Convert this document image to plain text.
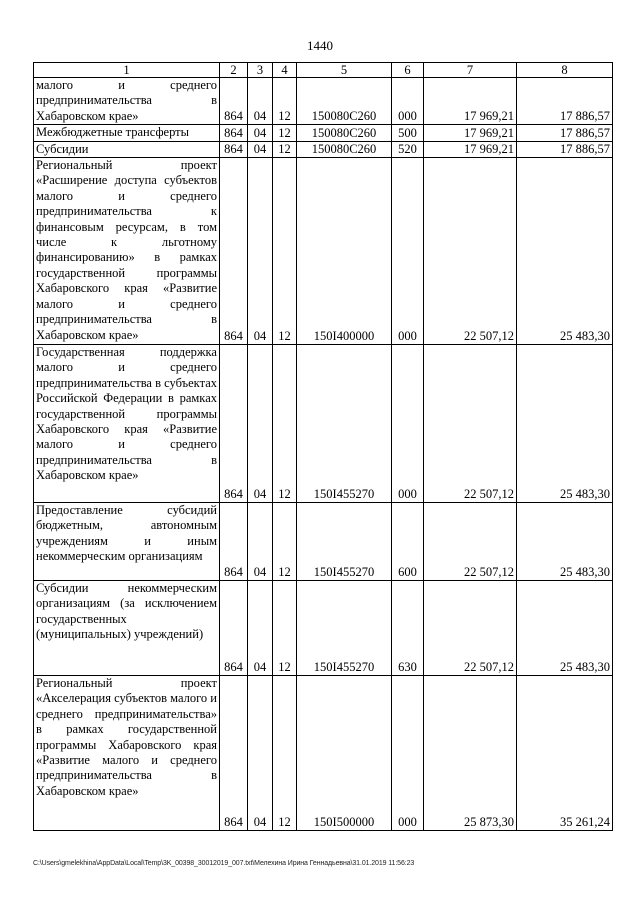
1440
1	2	3	4	5	6	7	8
малого и среднего предпринимательства в Хабаровском крае»	864	04	12	150080С260	000	17 969,21	17 886,57
Межбюджетные трансферты	864	04	12	150080С260	500	17 969,21	17 886,57
Субсидии	864	04	12	150080С260	520	17 969,21	17 886,57
Региональный проект «Расширение доступа субъектов малого и среднего предпринимательства к финансовым ресурсам, в том числе к льготному финансированию» в рамках государственной программы Хабаровского края «Развитие малого и среднего предпринимательства в Хабаровском крае»	864	04	12	150I400000	000	22 507,12	25 483,30
Государственная поддержка малого и среднего предпринимательства в субъектах Российской Федерации в рамках государственной программы Хабаровского края «Развитие малого и среднего предпринимательства в Хабаровском крае»	864	04	12	150I455270	000	22 507,12	25 483,30
Предоставление субсидий бюджетным, автономным учреждениям и иным некоммерческим организациям	864	04	12	150I455270	600	22 507,12	25 483,30
Субсидии некоммерческим организациям (за исключением государственных (муниципальных) учреждений)	864	04	12	150I455270	630	22 507,12	25 483,30
Региональный проект «Акселерация субъектов малого и среднего предпринимательства» в рамках государственной программы Хабаровского края «Развитие малого и среднего предпринимательства в Хабаровском крае»	864	04	12	150I500000	000	25 873,30	35 261,24
C:\Users\gmelekhina\AppData\Local\Temp\3K_00398_30012019_007.txt\Мелехина Ирина Геннадьевна\31.01.2019 11:56:23
